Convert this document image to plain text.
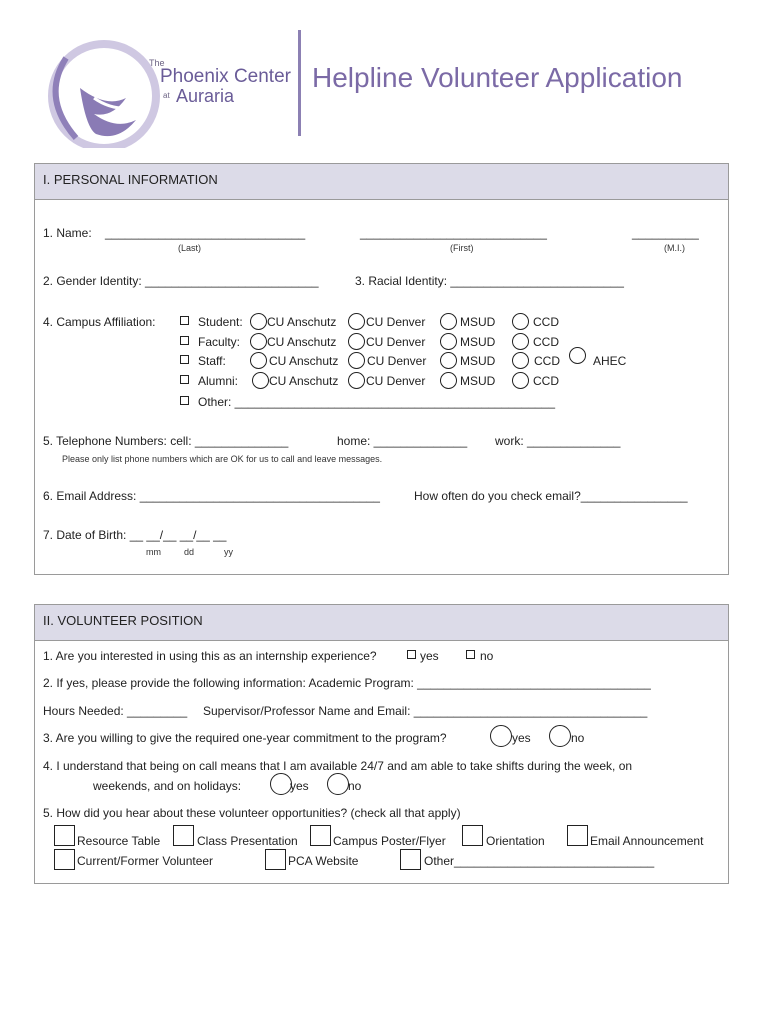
The
Phoenix Center
at Auraria
Helpline Volunteer Application
I. PERSONAL INFORMATION
1. Name: ______________________________	____________________________	__________
(Last)	(First)	(M.I.)
2. Gender Identity: __________________________	3. Racial Identity: __________________________
4. Campus Affiliation:	Student: CU Anschutz CU Denver	MSUD	CCD
Faculty: CU Anschutz CU Denver	MSUD	CCD
Staff:	CU Anschutz CU Denver	MSUD	CCD	AHEC
Alumni:	CU Anschutz CU Denver	MSUD	CCD
Other: ________________________________________________
5. Telephone Numbers: cell: ______________	home: ______________ work: ______________
Please only list phone numbers which are OK for us to call and leave messages.
6. Email Address: ____________________________________	How often do you check email?________________
7. Date of Birth: __ __/__ __/__ __
mm	dd	yy
II. VOLUNTEER POSITION
1. Are you interested in using this as an internship experience?	yes	no
2. If yes, please provide the following information: Academic Program: ___________________________________
Hours Needed: _________ Supervisor/Professor Name and Email: ___________________________________
3. Are you willing to give the required one-year commitment to the program?	yes	no
4. I understand that being on call means that I am available 24/7 and am able to take shifts during the week, on
weekends, and on holidays:	yes	no
5. How did you hear about these volunteer opportunities? (check all that apply)
Resource Table	Class Presentation	Campus Poster/Flyer	Orientation	Email Announcement
Current/Former Volunteer	PCA Website	Other______________________________
